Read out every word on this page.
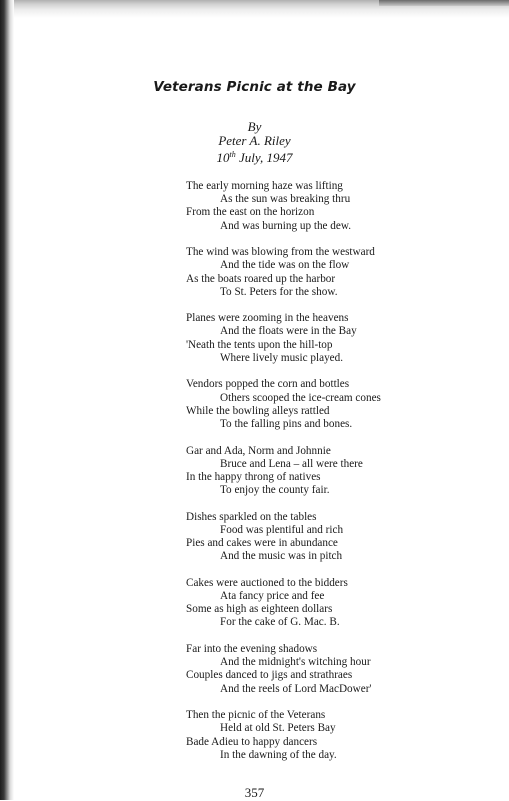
Veterans Picnic at the Bay
By
Peter A. Riley
10th July, 1947
The early morning haze was lifting
As the sun was breaking thru
From the east on the horizon
And was burning up the dew.
The wind was blowing from the westward
And the tide was on the flow
As the boats roared up the harbor
To St. Peters for the show.
Planes were zooming in the heavens
And the floats were in the Bay
'Neath the tents upon the hill-top
Where lively music played.
Vendors popped the corn and bottles
Others scooped the ice-cream cones
While the bowling alleys rattled
To the falling pins and bones.
Gar and Ada, Norm and Johnnie
Bruce and Lena – all were there
In the happy throng of natives
To enjoy the county fair.
Dishes sparkled on the tables
Food was plentiful and rich
Pies and cakes were in abundance
And the music was in pitch
Cakes were auctioned to the bidders
Ata fancy price and fee
Some as high as eighteen dollars
For the cake of G. Mac. B.
Far into the evening shadows
And the midnight's witching hour
Couples danced to jigs and strathraes
And the reels of Lord MacDower'
Then the picnic of the Veterans
Held at old St. Peters Bay
Bade Adieu to happy dancers
In the dawning of the day.
357
